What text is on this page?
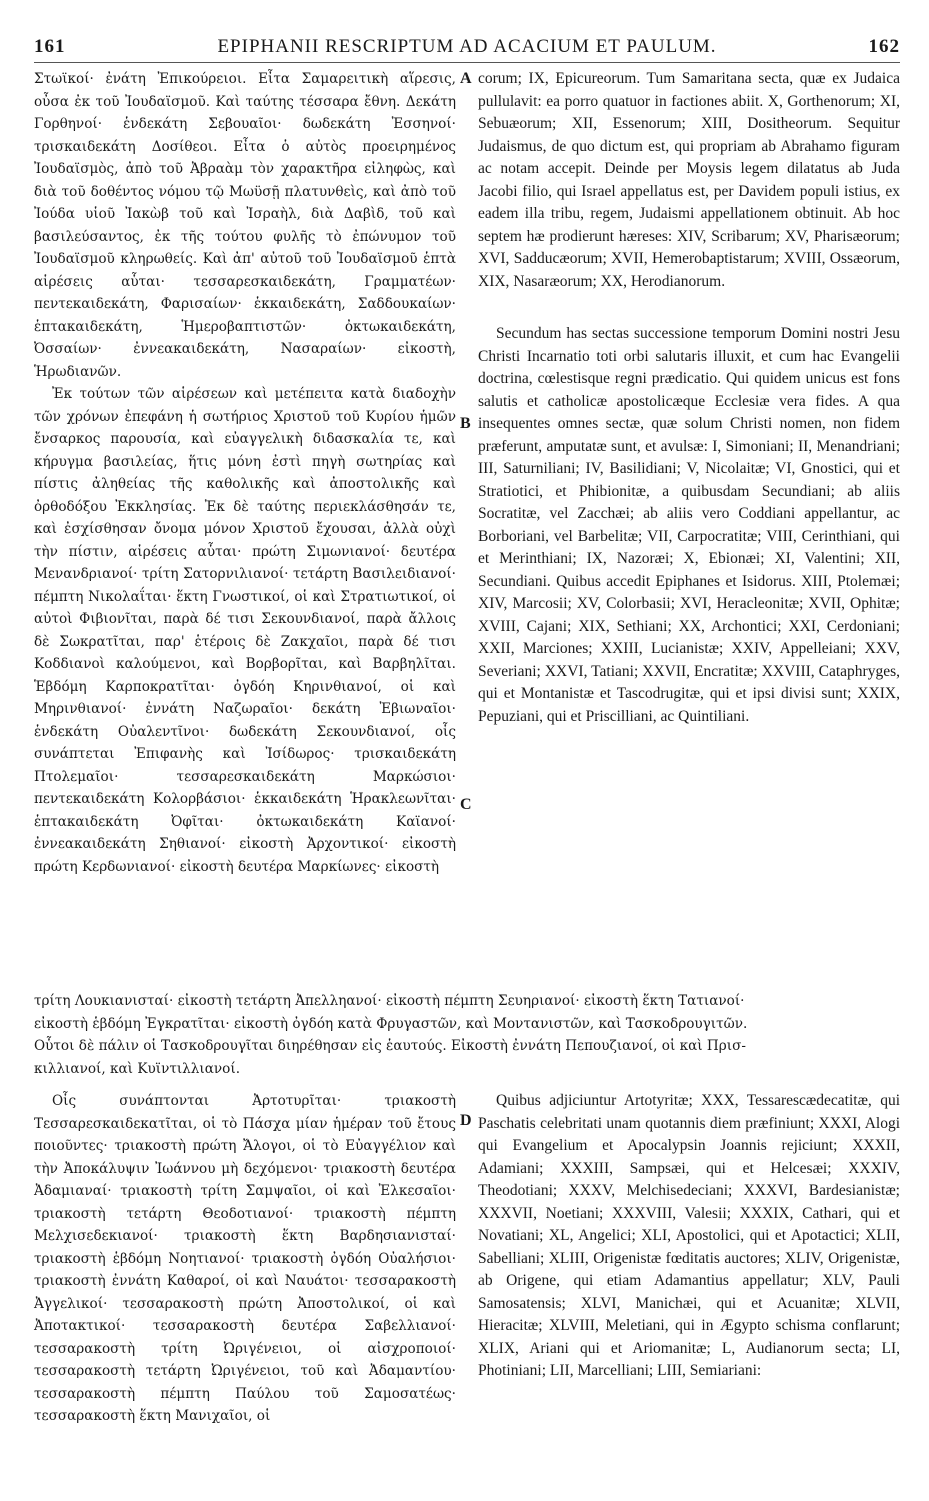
161	EPIPHANII RESCRIPTUM AD ACACIUM ET PAULUM.	162

Στωϊκοί· ἐνάτη Ἐπικούρειοι. Εἶτα Σαμαρειτικὴ αἵρεσις, οὖσα ἐκ τοῦ Ἰουδαϊσμοῦ. Καὶ ταύτης τέσσαρα ἔθνη. Δεκάτη Γορθηνοί· ἑνδεκάτη Σεβουαῖοι· δωδεκάτη Ἐσσηνοί· τρισκαιδεκάτη Δοσίθεοι. Εἶτα ὁ αὐτὸς προειρημένος Ἰουδαϊσμὸς, ἀπὸ τοῦ Ἀβραὰμ τὸν χαρακτῆρα εἰληφὼς, καὶ διὰ τοῦ δοθέντος νόμου τῷ Μωϋσῇ πλατυνθεὶς, καὶ ἀπὸ τοῦ Ἰούδα υἱοῦ Ἰακὼβ τοῦ καὶ Ἰσραὴλ, διὰ Δαβὶδ, τοῦ καὶ βασιλεύσαντος, ἐκ τῆς τούτου φυλῆς τὸ ἐπώνυμον τοῦ Ἰουδαϊσμοῦ κληρωθείς. Καὶ ἀπ' αὐτοῦ τοῦ Ἰουδαϊσμοῦ ἑπτὰ αἱρέσεις αὗται· τεσσαρεσκαιδεκάτη, Γραμματέων· πεντεκαιδεκάτη, Φαρισαίων· ἑκκαιδεκάτη, Σαδδουκαίων· ἑπτακαιδεκάτη, Ἡμεροβαπτιστῶν· ὀκτωκαιδεκάτη, Ὀσσαίων· ἐννεακαιδεκάτη, Νασαραίων· εἰκοστὴ, Ἡρωδιανῶν.

Ἐκ τούτων τῶν αἱρέσεων καὶ μετέπειτα κατὰ διαδοχὴν τῶν χρόνων ἐπεφάνη ἡ σωτήριος Χριστοῦ τοῦ Κυρίου ἡμῶν ἔνσαρκος παρουσία, καὶ εὐαγγελικὴ διδασκαλία τε, καὶ κήρυγμα βασιλείας, ἥτις μόνη ἐστὶ πηγὴ σωτηρίας καὶ πίστις ἀληθείας τῆς καθολικῆς καὶ ἀποστολικῆς καὶ ὀρθοδόξου Ἐκκλησίας. Ἐκ δὲ ταύτης περιεκλάσθησάν τε, καὶ ἐσχίσθησαν ὄνομα μόνον Χριστοῦ ἔχουσαι, ἀλλὰ οὐχὶ τὴν πίστιν, αἱρέσεις αὗται· πρώτη Σιμωνιανοί· δευτέρα Μενανδριανοί· τρίτη Σατορνιλιανοί· τετάρτη Βασιλειδιανοί· πέμπτη Νικολαΐται· ἕκτη Γνωστικοί, οἱ καὶ Στρατιωτικοί, οἱ αὐτοὶ Φιβιονῖται, παρὰ δέ τισι Σεκουνδιανοί, παρὰ ἄλλοις δὲ Σωκρατῖται, παρ' ἑτέροις δὲ Ζακχαῖοι, παρὰ δέ τισι Κοδδιανοὶ καλούμενοι, καὶ Βορβορῖται, καὶ Βαρβηλῖται. Ἑβδόμη Καρποκρατῖται· ὀγδόη Κηρινθιανοί, οἱ καὶ Μηρινθιανοί· ἐννάτη Ναζωραῖοι· δεκάτη Ἐβιωναῖοι· ἑνδεκάτη Οὐαλεντῖνοι· δωδεκάτη Σεκουνδιανοί, οἷς συνάπτεται Ἐπιφανὴς καὶ Ἰσίδωρος· τρισκαιδεκάτη Πτολεμαῖοι· τεσσαρεσκαιδεκάτη Μαρκώσιοι· πεντεκαιδεκάτη Κολορβάσιοι· ἑκκαιδεκάτη Ἡρακλεωνῖται· ἑπτακαιδεκάτη Ὀφῖται· ὀκτωκαιδεκάτη Καϊανοί· ἐννεακαιδεκάτη Σηθιανοί· εἰκοστὴ Ἀρχοντικοί· εἰκοστὴ πρώτη Κερδωνιανοί· εἰκοστὴ δευτέρα Μαρκίωνες· εἰκοστὴ

corum; IX, Epicureorum. Tum Samaritana secta, quæ ex Judaica pullulavit: ea porro quatuor in factiones abiit. X, Gorthenorum; XI, Sebuæorum; XII, Essenorum; XIII, Dositheorum. Sequitur Judaismus, de quo dictum est, qui propriam ab Abrahamo figuram ac notam accepit. Deinde per Moysis legem dilatatus ab Juda Jacobi filio, qui Israel appellatus est, per Davidem populi istius, ex eadem illa tribu, regem, Judaismi appellationem obtinuit. Ab hoc septem hæ prodierunt hæreses: XIV, Scribarum; XV, Pharisæorum; XVI, Sadducæorum; XVII, Hemerobaptistarum; XVIII, Ossæorum, XIX, Nasaræorum; XX, Herodianorum.

Secundum has sectas successione temporum Domini nostri Jesu Christi Incarnatio toti orbi salutaris illuxit, et cum hac Evangelii doctrina, cœlestisque regni prædicatio. Qui quidem unicus est fons salutis et catholicæ apostolicæque Ecclesiæ vera fides. A qua insequentes omnes sectæ, quæ solum Christi nomen, non fidem præferunt, amputatæ sunt, et avulsæ: I, Simoniani; II, Menandriani; III, Saturniliani; IV, Basilidiani; V, Nicolaitæ; VI, Gnostici, qui et Stratiotici, et Phibionitæ, a quibusdam Secundiani; ab aliis Socratitæ, vel Zacchæi; ab aliis vero Coddiani appellantur, ac Borboriani, vel Barbelitæ; VII, Carpocratitæ; VIII, Cerinthiani, qui et Merinthiani; IX, Nazoræi; X, Ebionæi; XI, Valentini; XII, Secundiani. Quibus accedit Epiphanes et Isidorus. XIII, Ptolemæi; XIV, Marcosii; XV, Colorbasii; XVI, Heracleonitæ; XVII, Ophitæ; XVIII, Cajani; XIX, Sethiani; XX, Archontici; XXI, Cerdoniani; XXII, Marciones; XXIII, Lucianistæ; XXIV, Appelleiani; XXV, Severiani; XXVI, Tatiani; XXVII, Encratitæ; XXVIII, Cataphryges, qui et Montanistæ et Tascodrugitæ, qui et ipsi divisi sunt; XXIX, Pepuziani, qui et Priscilliani, ac Quintiliani.

A
B
C
D
τρίτη Λουκιανισταί· εἰκοστὴ τετάρτη Ἀπελληανοί· εἰκοστὴ πέμπτη Σευηριανοί· εἰκοστὴ ἕκτη Τατιανοί·
εἰκοστὴ ἑβδόμη Ἐγκρατῖται· εἰκοστὴ ὀγδόη κατὰ Φρυγαστῶν, καὶ Μοντανιστῶν, καὶ Τασκοδρουγιτῶν.
Οὗτοι δὲ πάλιν οἱ Τασκοδρουγῖται διηρέθησαν εἰς ἑαυτούς. Εἰκοστὴ ἐννάτη Πεπουζιανοί, οἱ καὶ Πρισ-
κιλλιανοί, καὶ Κυϊντιλλιανοί.

Οἷς συνάπτονται Ἀρτοτυρῖται· τριακοστὴ Τεσσαρεσκαιδεκατῖται, οἱ τὸ Πάσχα μίαν ἡμέραν τοῦ ἔτους ποιοῦντες· τριακοστὴ πρώτη Ἄλογοι, οἱ τὸ Εὐαγγέλιον καὶ τὴν Ἀποκάλυψιν Ἰωάννου μὴ δεχόμενοι· τριακοστὴ δευτέρα Ἀδαμιαναί· τριακοστὴ τρίτη Σαμψαῖοι, οἱ καὶ Ἐλκεσαῖοι· τριακοστὴ τετάρτη Θεοδοτιανοί· τριακοστὴ πέμπτη Μελχισεδεκιανοί· τριακοστὴ ἕκτη Βαρδησιανισταί· τριακοστὴ ἑβδόμη Νοητιανοί· τριακοστὴ ὀγδόη Οὐαλήσιοι· τριακοστὴ ἐννάτη Καθαροί, οἱ καὶ Ναυάτοι· τεσσαρακοστὴ Ἀγγελικοί· τεσσαρακοστὴ πρώτη Ἀποστολικοί, οἱ καὶ Ἀποτακτικοί· τεσσαρακοστὴ δευτέρα Σαβελλιανοί· τεσσαρακοστὴ τρίτη Ὠριγένειοι, οἱ αἰσχροποιοί· τεσσαρακοστὴ τετάρτη Ὠριγένειοι, τοῦ καὶ Ἀδαμαντίου· τεσσαρακοστὴ πέμπτη Παύλου τοῦ Σαμοσατέως· τεσσαρακοστὴ ἕκτη Μανιχαῖοι, οἱ

Quibus adjiciuntur Artotyritæ; XXX, Tessarescædecatitæ, qui Paschatis celebritati unam quotannis diem præfiniunt; XXXI, Alogi qui Evangelium et Apocalypsin Joannis rejiciunt; XXXII, Adamiani; XXXIII, Sampsæi, qui et Helcesæi; XXXIV, Theodotiani; XXXV, Melchisedeciani; XXXVI, Bardesianistæ; XXXVII, Noetiani; XXXVIII, Valesii; XXXIX, Cathari, qui et Novatiani; XL, Angelici; XLI, Apostolici, qui et Apotactici; XLII, Sabelliani; XLIII, Origenistæ fœditatis auctores; XLIV, Origenistæ, ab Origene, qui etiam Adamantius appellatur; XLV, Pauli Samosatensis; XLVI, Manichæi, qui et Acuanitæ; XLVII, Hieracitæ; XLVIII, Meletiani, qui in Ægypto schisma conflarunt; XLIX, Ariani qui et Ariomanitæ; L, Audianorum secta; LI, Photiniani; LII, Marcelliani; LIII, Semiariani:
